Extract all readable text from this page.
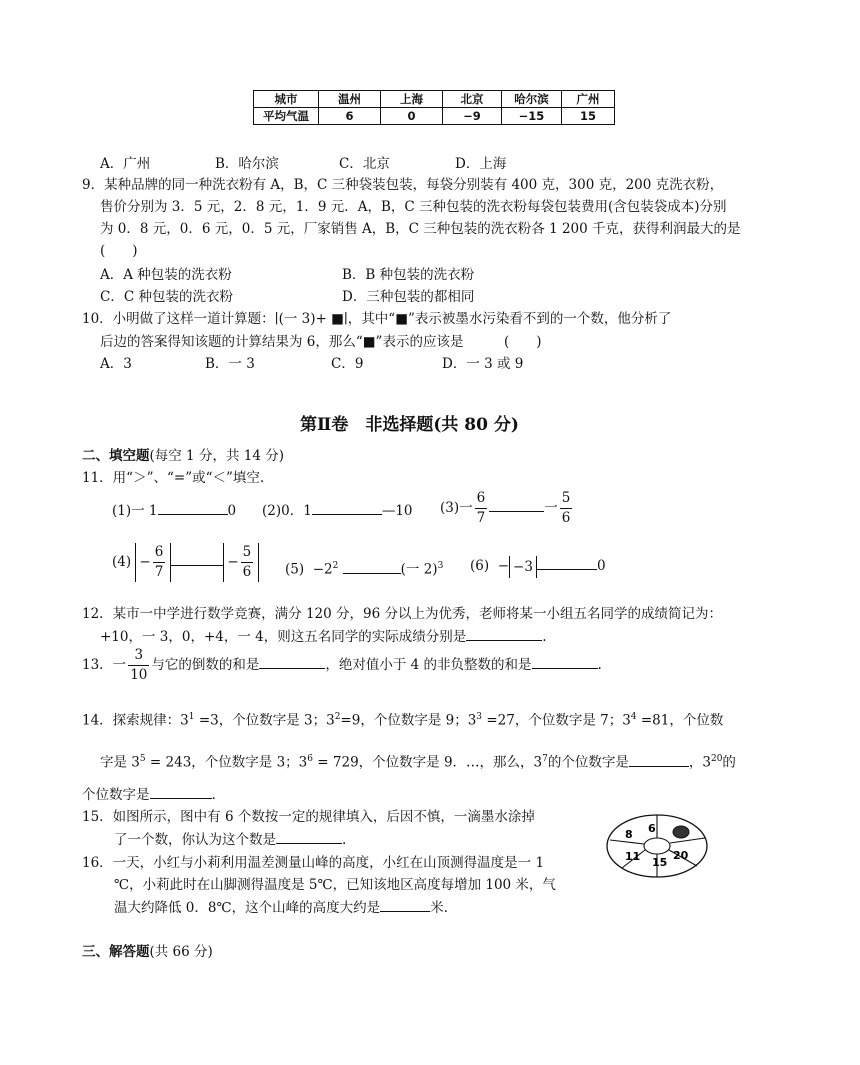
城市	温州	上海	北京	哈尔滨	广州
平均气温	6	0	−9	−15	15
A．广州	B．哈尔滨	C．北京	D．上海
9．某种品牌的同一种洗衣粉有 A，B，C 三种袋装包装，每袋分别装有 400 克，300 克，200 克洗衣粉，
售价分别为 3．5 元，2．8 元，1．9 元．A，B，C 三种包装的洗衣粉每袋包装费用(含包装袋成本)分别
为 0．8 元，0．6 元，0．5 元，厂家销售 A，B，C 三种包装的洗衣粉各 1 200 千克，获得利润最大的是
(　　)
A．A 种包装的洗衣粉	B．B 种包装的洗衣粉
C．C 种包装的洗衣粉	D．三种包装的都相同
10．小明做了这样一道计算题：∣(一 3)+ ■∣，其中“■”表示被墨水污染看不到的一个数，他分析了
后边的答案得知该题的计算结果为 6，那么“■”表示的应该是　　　(　　)
A．3	B．一 3	C．9	D．一 3 或 9
第Ⅱ卷　非选择题(共 80 分)
二、填空题(每空 1 分，共 14 分)
11．用“＞”、“=”或“＜”填空.
(1)一 1	0 (2)0．1	—10 (3)一 $\frac{6}{7}$	一 $\frac{5}{6}$
$(4) - \frac{6}{7}$	− $\frac{5}{6} (5) -2^2$	(一 2)$^3$ (6) − −3	0
12．某市一中学进行数学竞赛，满分 120 分，96 分以上为优秀，老师将某一小组五名同学的成绩简记为：
+10，一 3，0，+4，一 4，则这五名同学的实际成绩分别是	.
13．一 $\frac{3}{10}$ 与它的倒数的和是	，绝对值小于 4 的非负整数的和是	.
14．探索规律：$3^1 =3$，个位数字是 3；$3^2=9$，个位数字是 9；$3^3 =27$，个位数字是 7；$3^4 =81$，个位数
字是 $3^5 = 243$，个位数字是 3；$3^6 = 729$，个位数字是 9．…，那么，$3^7$的个位数字是	，$3^{20}$的
个位数字是	.
15．如图所示，图中有 6 个数按一定的规律填入，后因不慎，一滴墨水涂掉
了一个数，你认为这个数是	.
16．一天，小红与小莉利用温差测量山峰的高度，小红在山顶测得温度是一 1
℃，小莉此时在山脚测得温度是 5℃，已知该地区高度每增加 100 米，气
温大约降低 0．8℃，这个山峰的高度大约是	米.
8 6
11 15
20
三、解答题(共 66 分)
